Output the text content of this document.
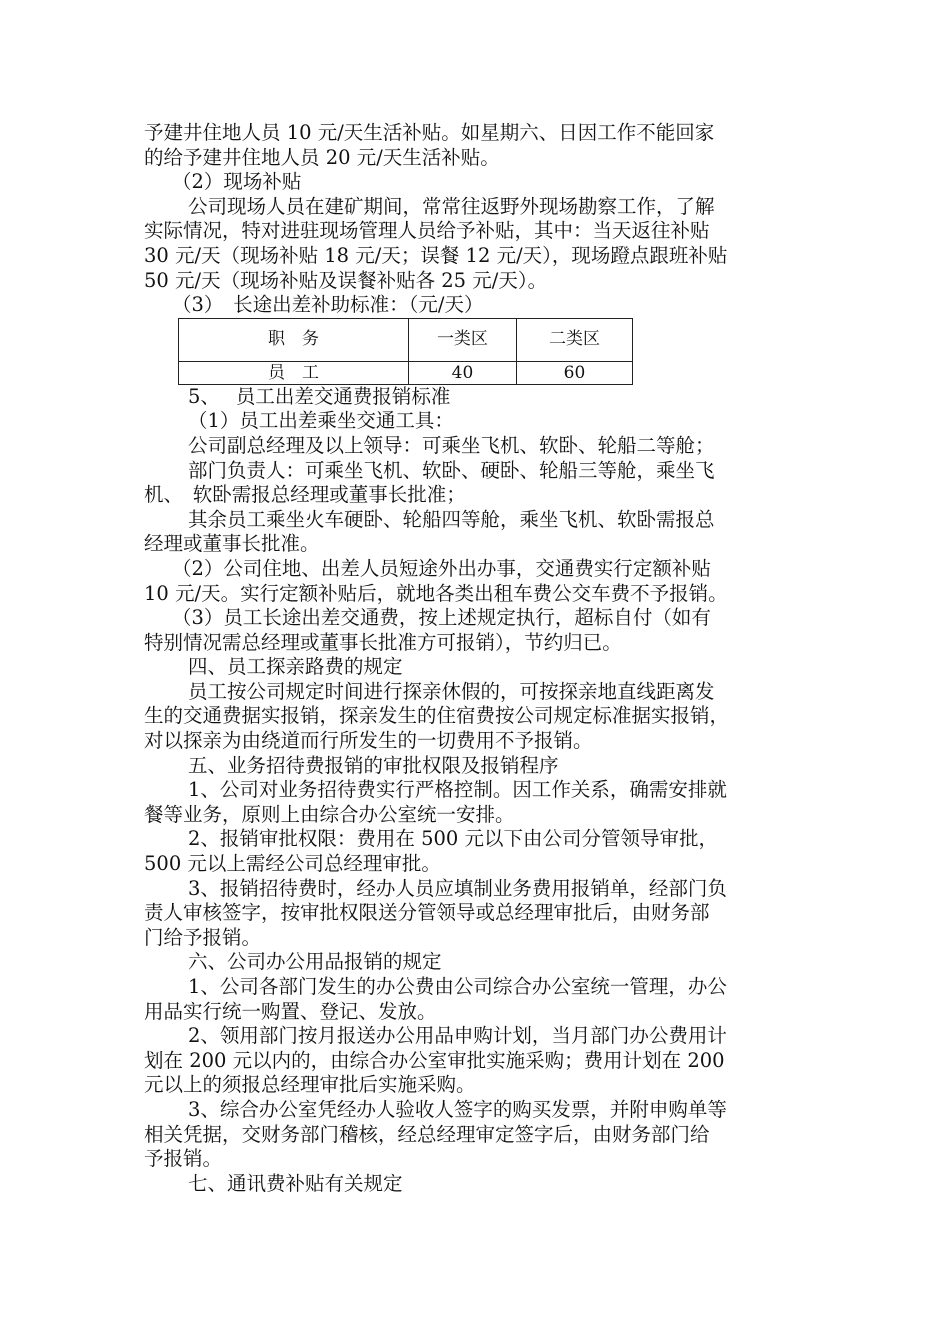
予建井住地人员 10 元/天生活补贴。如星期六、日因工作不能回家

的给予建井住地人员 20 元/天生活补贴。

（2）现场补贴

公司现场人员在建矿期间，常常往返野外现场勘察工作，了解

实际情况，特对进驻现场管理人员给予补贴，其中：当天返往补贴

30 元/天（现场补贴 18 元/天；误餐 12 元/天），现场蹬点跟班补贴

50 元/天（现场补贴及误餐补贴各 25 元/天）。

（3）　长途出差补助标准：（元/天）

职　务	一类区	二类区
员　工	40	60

5、　 员工出差交通费报销标准

（1）员工出差乘坐交通工具：

公司副总经理及以上领导：可乘坐飞机、软卧、轮船二等舱；

部门负责人：可乘坐飞机、软卧、硬卧、轮船三等舱，乘坐飞

机、　软卧需报总经理或董事长批准；

其余员工乘坐火车硬卧、轮船四等舱，乘坐飞机、软卧需报总

经理或董事长批准。

（2）公司住地、出差人员短途外出办事，交通费实行定额补贴

10 元/天。实行定额补贴后，就地各类出租车费公交车费不予报销。

（3）员工长途出差交通费，按上述规定执行，超标自付（如有

特别情况需总经理或董事长批准方可报销），节约归已。

四、员工探亲路费的规定

员工按公司规定时间进行探亲休假的，可按探亲地直线距离发

生的交通费据实报销，探亲发生的住宿费按公司规定标准据实报销，

对以探亲为由绕道而行所发生的一切费用不予报销。

五、业务招待费报销的审批权限及报销程序

1、公司对业务招待费实行严格控制。因工作关系，确需安排就

餐等业务，原则上由综合办公室统一安排。

2、报销审批权限：费用在 500 元以下由公司分管领导审批，

500 元以上需经公司总经理审批。

3、报销招待费时，经办人员应填制业务费用报销单，经部门负

责人审核签字，按审批权限送分管领导或总经理审批后，由财务部

门给予报销。

六、公司办公用品报销的规定

1、公司各部门发生的办公费由公司综合办公室统一管理，办公

用品实行统一购置、登记、发放。

2、领用部门按月报送办公用品申购计划，当月部门办公费用计

划在 200 元以内的，由综合办公室审批实施采购；费用计划在 200

元以上的须报总经理审批后实施采购。

3、综合办公室凭经办人验收人签字的购买发票，并附申购单等

相关凭据，交财务部门稽核，经总经理审定签字后，由财务部门给

予报销。

七、通讯费补贴有关规定
